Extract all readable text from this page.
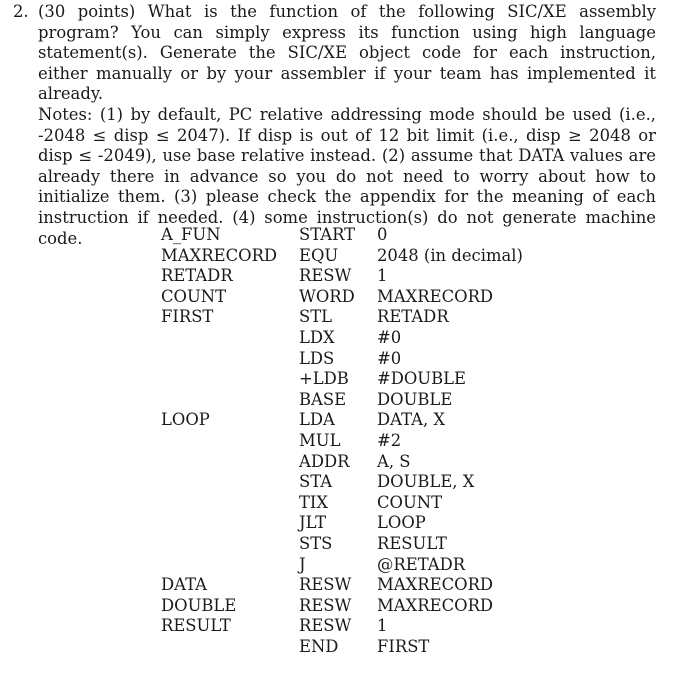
2. (30 points) What is the function of the following SIC/XE assembly program? You can simply express its function using high language statement(s). Generate the SIC/XE object code for each instruction, either manually or by your assembler if your team has implemented it already.

Notes: (1) by default, PC relative addressing mode should be used (i.e., -2048 ≤ disp ≤ 2047). If disp is out of 12 bit limit (i.e., disp ≥ 2048 or disp ≤ -2049), use base relative instead. (2) assume that DATA values are already there in advance so you do not need to worry about how to initialize them. (3) please check the appendix for the meaning of each instruction if needed. (4) some instruction(s) do not generate machine code.	A_FUN	START	0
MAXRECORD	EQU	2048 (in decimal)
RETADR	RESW	1
COUNT	WORD	MAXRECORD
FIRST	STL	RETADR
	LDX	#0
	LDS	#0
	+LDB	#DOUBLE
	BASE	DOUBLE
LOOP	LDA	DATA, X
	MUL	#2
	ADDR	A, S
	STA	DOUBLE, X
	TIX	COUNT
	JLT	LOOP
	STS	RESULT
	J	@RETADR
DATA	RESW	MAXRECORD
DOUBLE	RESW	MAXRECORD
RESULT	RESW	1
	END	FIRST
